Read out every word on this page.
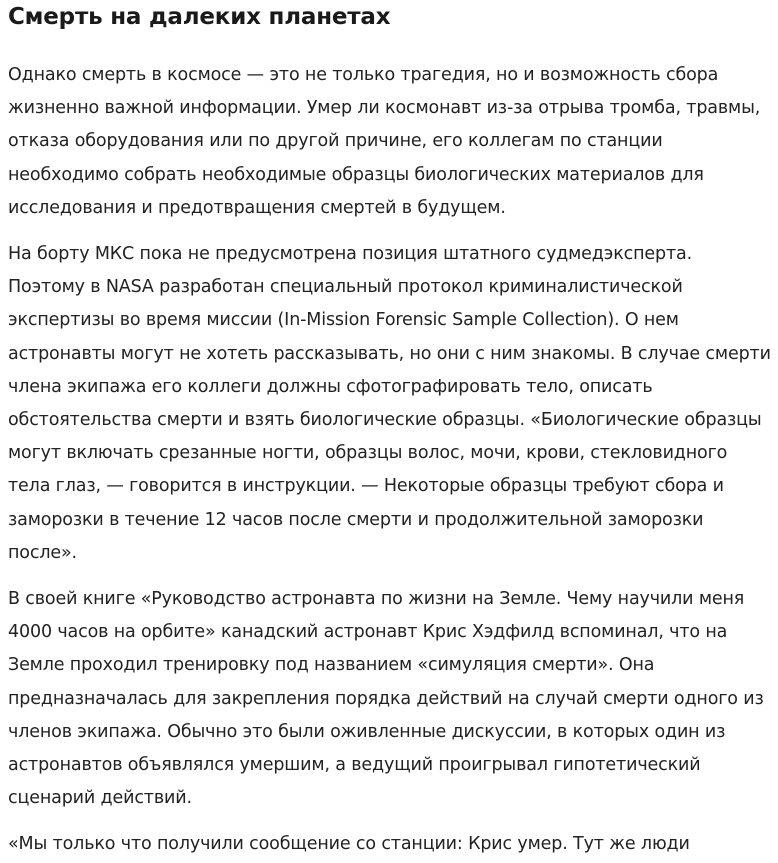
Смерть на далеких планетах

Однако смерть в космосе — это не только трагедия, но и возможность сбора жизненно важной информации. Умер ли космонавт из-за отрыва тромба, травмы, отказа оборудования или по другой причине, его коллегам по станции необходимо собрать необходимые образцы биологических материалов для исследования и предотвращения смертей в будущем.

На борту МКС пока не предусмотрена позиция штатного судмедэксперта. Поэтому в NASA разработан специальный протокол криминалистической экспертизы во время миссии (In-Mission Forensic Sample Collection). О нем астронавты могут не хотеть рассказывать, но они с ним знакомы. В случае смерти члена экипажа его коллеги должны сфотографировать тело, описать обстоятельства смерти и взять биологические образцы. «Биологические образцы могут включать срезанные ногти, образцы волос, мочи, крови, стекловидного тела глаз, — говорится в инструкции. — Некоторые образцы требуют сбора и заморозки в течение 12 часов после смерти и продолжительной заморозки после».

В своей книге «Руководство астронавта по жизни на Земле. Чему научили меня 4000 часов на орбите» канадский астронавт Крис Хэдфилд вспоминал, что на Земле проходил тренировку под названием «симуляция смерти». Она предназначалась для закрепления порядка действий на случай смерти одного из членов экипажа. Обычно это были оживленные дискуссии, в которых один из астронавтов объявлялся умершим, а ведущий проигрывал гипотетический сценарий действий.

«Мы только что получили сообщение со станции: Крис умер. Тут же люди
